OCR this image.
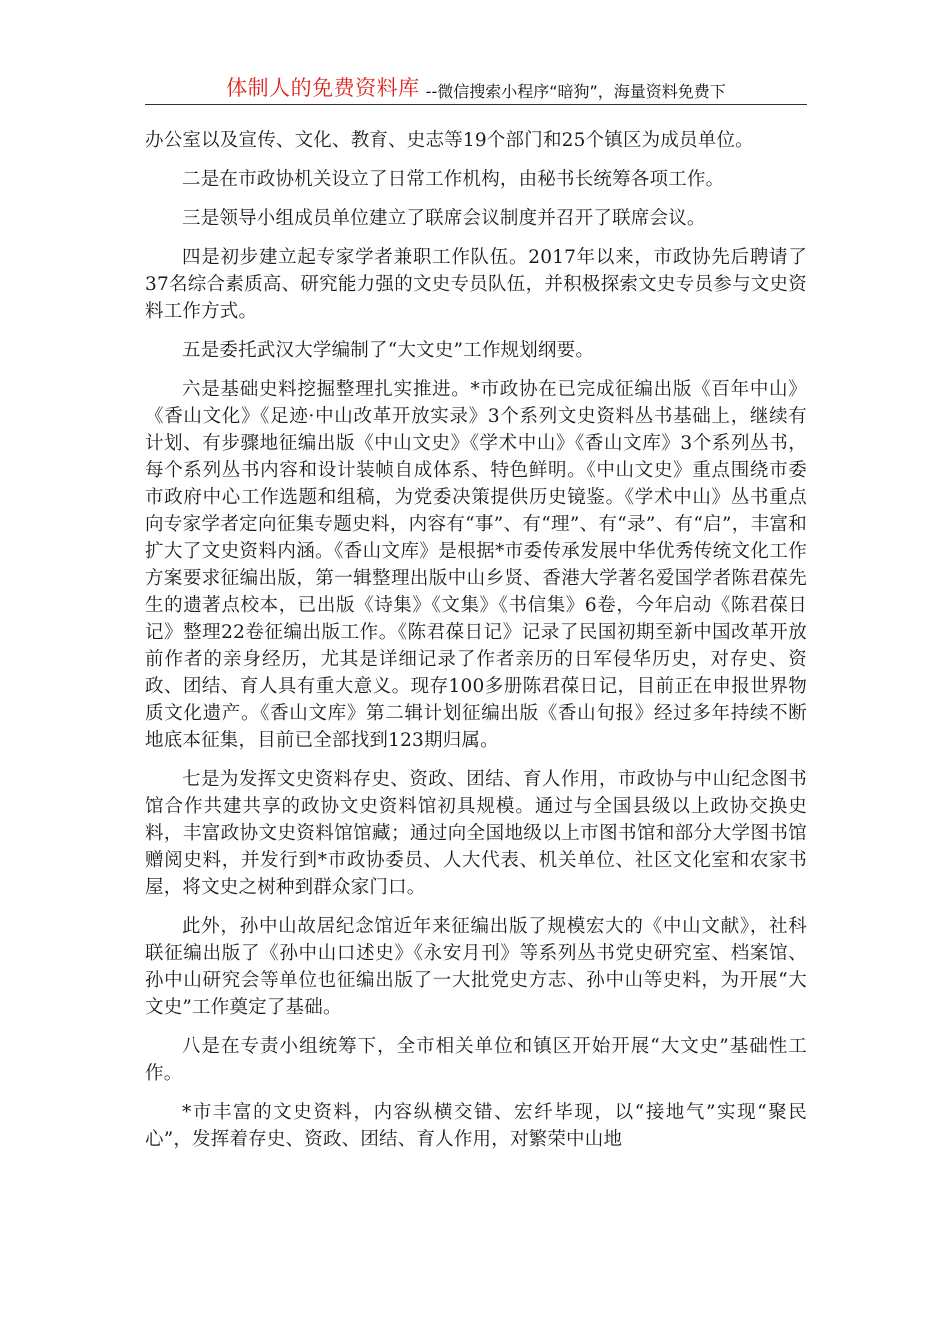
体制人的免费资料库 --微信搜索小程序“暗狗”，海量资料免费下

办公室以及宣传、文化、教育、史志等19个部门和25个镇区为成员单位。

二是在市政协机关设立了日常工作机构，由秘书长统筹各项工作。

三是领导小组成员单位建立了联席会议制度并召开了联席会议。

四是初步建立起专家学者兼职工作队伍。2017年以来，市政协先后聘请了37名综合素质高、研究能力强的文史专员队伍，并积极探索文史专员参与文史资料工作方式。

五是委托武汉大学编制了“大文史”工作规划纲要。

六是基础史料挖掘整理扎实推进。*市政协在已完成征编出版《百年中山》《香山文化》《足迹·中山改革开放实录》3个系列文史资料丛书基础上，继续有计划、有步骤地征编出版《中山文史》《学术中山》《香山文库》3个系列丛书，每个系列丛书内容和设计装帧自成体系、特色鲜明。《中山文史》重点围绕市委市政府中心工作选题和组稿，为党委决策提供历史镜鉴。《学术中山》丛书重点向专家学者定向征集专题史料，内容有“事”、有“理”、有“录”、有“启”，丰富和扩大了文史资料内涵。《香山文库》是根据*市委传承发展中华优秀传统文化工作方案要求征编出版，第一辑整理出版中山乡贤、香港大学著名爱国学者陈君葆先生的遗著点校本，已出版《诗集》《文集》《书信集》6卷，今年启动《陈君葆日记》整理22卷征编出版工作。《陈君葆日记》记录了民国初期至新中国改革开放前作者的亲身经历，尤其是详细记录了作者亲历的日军侵华历史，对存史、资政、团结、育人具有重大意义。现存100多册陈君葆日记，目前正在申报世界物质文化遗产。《香山文库》第二辑计划征编出版《香山旬报》经过多年持续不断地底本征集，目前已全部找到123期归属。

七是为发挥文史资料存史、资政、团结、育人作用，市政协与中山纪念图书馆合作共建共享的政协文史资料馆初具规模。通过与全国县级以上政协交换史料，丰富政协文史资料馆馆藏；通过向全国地级以上市图书馆和部分大学图书馆赠阅史料，并发行到*市政协委员、人大代表、机关单位、社区文化室和农家书屋，将文史之树种到群众家门口。

此外，孙中山故居纪念馆近年来征编出版了规模宏大的《中山文献》，社科联征编出版了《孙中山口述史》《永安月刊》等系列丛书党史研究室、档案馆、孙中山研究会等单位也征编出版了一大批党史方志、孙中山等史料，为开展“大文史”工作奠定了基础。

八是在专责小组统筹下，全市相关单位和镇区开始开展“大文史”基础性工作。

*市丰富的文史资料，内容纵横交错、宏纤毕现，以“接地气”实现“聚民心”，发挥着存史、资政、团结、育人作用，对繁荣中山地
